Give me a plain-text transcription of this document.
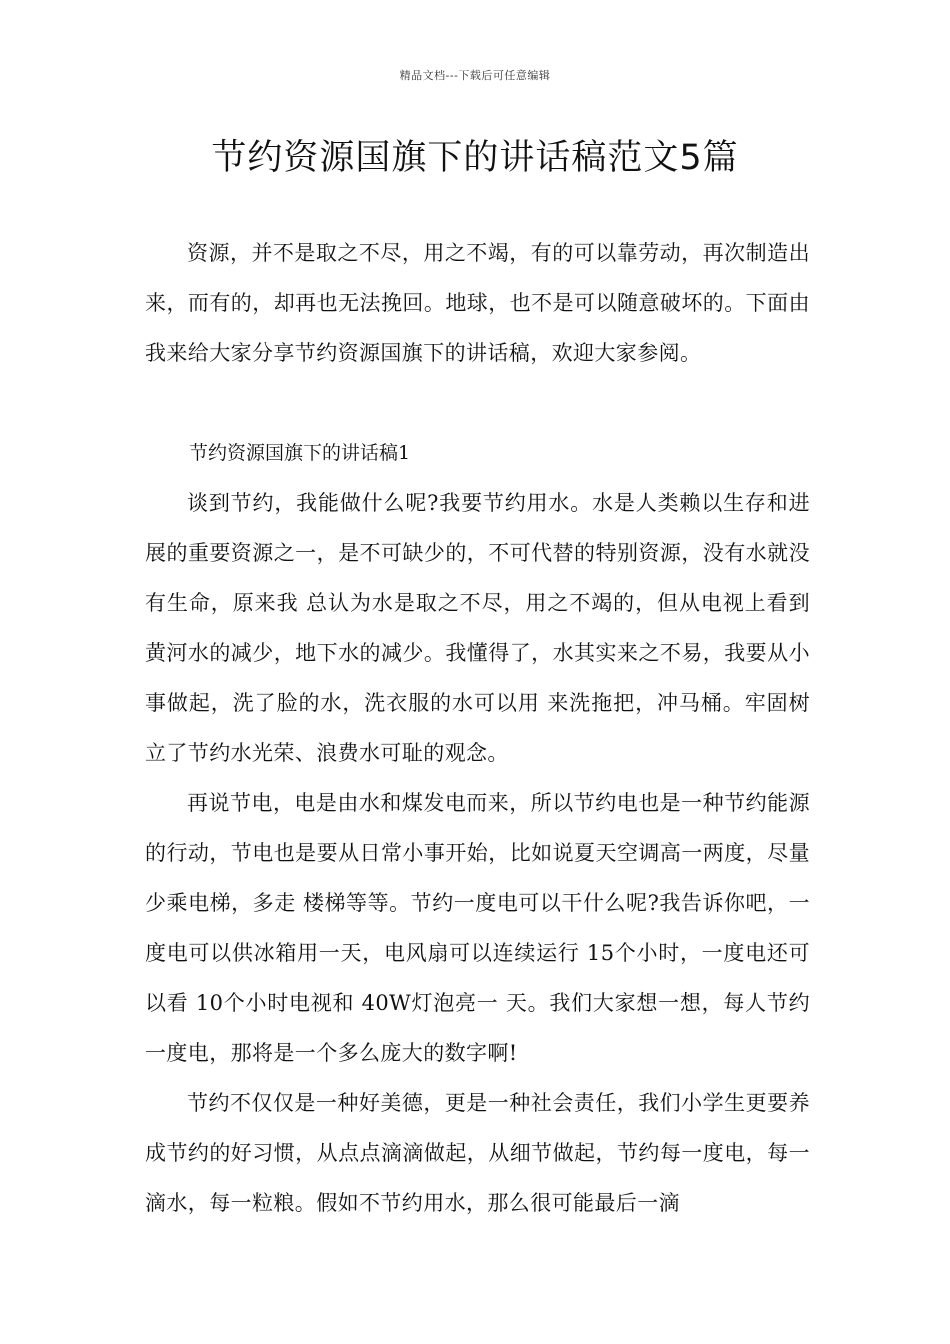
精品文档---下载后可任意编辑
节约资源国旗下的讲话稿范文5篇

资源，并不是取之不尽，用之不竭，有的可以靠劳动，再次制造出来，而有的，却再也无法挽回。地球，也不是可以随意破坏的。下面由我来给大家分享节约资源国旗下的讲话稿，欢迎大家参阅。

节约资源国旗下的讲话稿1

谈到节约，我能做什么呢?我要节约用水。水是人类赖以生存和进展的重要资源之一，是不可缺少的，不可代替的特别资源，没有水就没有生命，原来我 总认为水是取之不尽，用之不竭的，但从电视上看到黄河水的减少，地下水的减少。我懂得了，水其实来之不易，我要从小事做起，洗了脸的水，洗衣服的水可以用 来洗拖把，冲马桶。牢固树立了节约水光荣、浪费水可耻的观念。

再说节电，电是由水和煤发电而来，所以节约电也是一种节约能源的行动，节电也是要从日常小事开始，比如说夏天空调高一两度，尽量少乘电梯，多走 楼梯等等。节约一度电可以干什么呢?我告诉你吧，一度电可以供冰箱用一天，电风扇可以连续运行 15个小时，一度电还可以看 10个小时电视和 40W灯泡亮一 天。我们大家想一想，每人节约一度电，那将是一个多么庞大的数字啊!

节约不仅仅是一种好美德，更是一种社会责任，我们小学生更要养成节约的好习惯，从点点滴滴做起，从细节做起，节约每一度电，每一滴水，每一粒粮。假如不节约用水，那么很可能最后一滴
